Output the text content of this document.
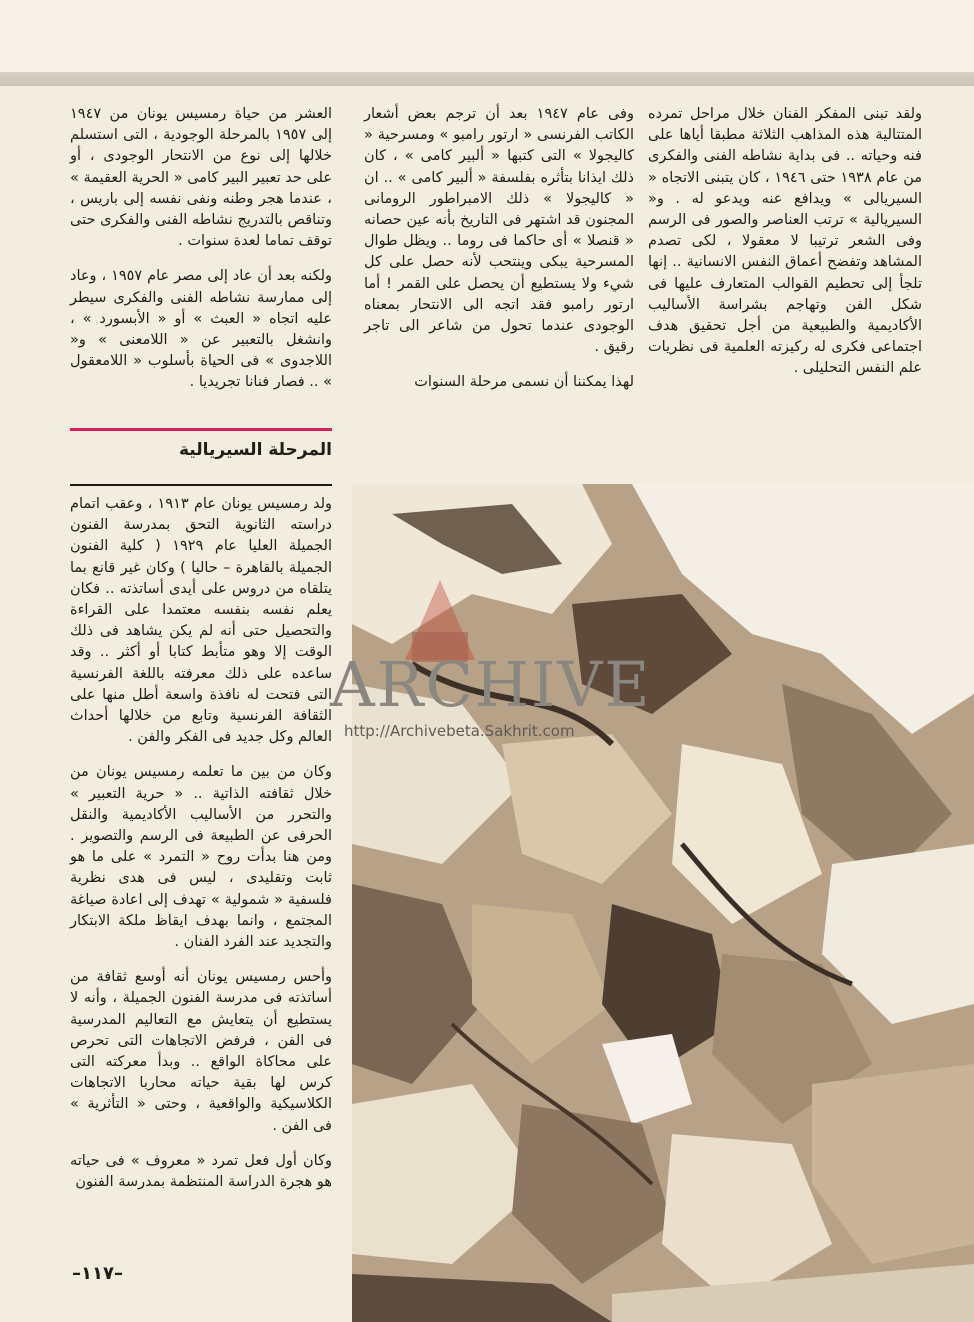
ولقد تبنى المفكر الفنان خلال مراحل تمرده المتتالية هذه المذاهب الثلاثة مطبقا أياها على فنه وحياته .. فى بداية نشاطه الفنى والفكرى من عام ١٩٣٨ حتى ١٩٤٦ ، كان يتبنى الاتجاه « السيريالى » ويدافع عنه ويدعو له . و« السيريالية » ترتب العناصر والصور فى الرسم وفى الشعر ترتيبا لا معقولا ، لكى تصدم المشاهد وتفضح أعماق النفس الانسانية .. إنها تلجأ إلى تحطيم القوالب المتعارف عليها فى شكل الفن وتهاجم بشراسة الأساليب الأكاديمية والطبيعية من أجل تحقيق هدف اجتماعى فكرى له ركيزته العلمية فى نظريات علم النفس التحليلى .

وفى عام ١٩٤٧ بعد أن ترجم بعض أشعار الكاتب الفرنسى « ارتور رامبو » ومسرحية « كاليجولا » التى كتبها « ألبير كامى » ، كان ذلك ايذانا بتأثره بفلسفة « ألبير كامى » .. ان « كاليجولا » ذلك الامبراطور الرومانى المجنون قد اشتهر فى التاريخ بأنه عين حصانه « قنصلا » أى حاكما فى روما .. ويظل طوال المسرحية يبكى وينتحب لأنه حصل على كل شيء ولا يستطيع أن يحصل على القمر ! أما ارتور رامبو فقد اتجه الى الانتحار بمعناه الوجودى عندما تحول من شاعر الى تاجر رقيق .

لهذا يمكننا أن نسمى مرحلة السنوات

العشر من حياة رمسيس يونان من ١٩٤٧ إلى ١٩٥٧ بالمرحلة الوجودية ، التى استسلم خلالها إلى نوع من الانتحار الوجودى ، أو على حد تعبير البير كامى « الحرية العقيمة » ، عندما هجر وطنه ونفى نفسه إلى باريس ، وتناقص بالتدريج نشاطه الفنى والفكرى حتى توقف تماما لعدة سنوات .

ولكنه بعد أن عاد إلى مصر عام ١٩٥٧ ، وعاد إلى ممارسة نشاطه الفنى والفكرى سيطر عليه اتجاه « العبث » أو « الأبسورد » ، وانشغل بالتعبير عن « اللامعنى » و« اللاجدوى » فى الحياة بأسلوب « اللامعقول » .. فصار فنانا تجريديا .

المرحلة السيريالية

ولد رمسيس يونان عام ١٩١٣ ، وعقب اتمام دراسته الثانوية التحق بمدرسة الفنون الجميلة العليا عام ١٩٢٩ ( كلية الفنون الجميلة بالقاهرة – حاليا ) وكان غير قانع بما يتلقاه من دروس على أيدى أساتذته .. فكان يعلم نفسه بنفسه معتمدا على القراءة والتحصيل حتى أنه لم يكن يشاهد فى ذلك الوقت إلا وهو متأبط كتابا أو أكثر .. وقد ساعده على ذلك معرفته باللغة الفرنسية التى فتحت له نافذة واسعة أطل منها على الثقافة الفرنسية وتابع من خلالها أحداث العالم وكل جديد فى الفكر والفن .

وكان من بين ما تعلمه رمسيس يونان من خلال ثقافته الذاتية .. « حرية التعبير » والتحرر من الأساليب الأكاديمية والنقل الحرفى عن الطبيعة فى الرسم والتصوير . ومن هنا بدأت روح « التمرد » على ما هو ثابت وتقليدى ، ليس فى هدى نظرية فلسفية « شمولية » تهدف إلى اعادة صياغة المجتمع ، وانما بهدف ايقاظ ملكة الابتكار والتجديد عند الفرد الفنان .

وأحس رمسيس يونان أنه أوسع ثقافة من أساتذته فى مدرسة الفنون الجميلة ، وأنه لا يستطيع أن يتعايش مع التعاليم المدرسية فى الفن ، فرفض الاتجاهات التى تحرص على محاكاة الواقع .. وبدأ معركته التى كرس لها بقية حياته محاربا الاتجاهات الكلاسيكية والواقعية ، وحتى « التأثرية » فى الفن .

وكان أول فعل تمرد « معروف » فى حياته هو هجرة الدراسة المنتظمة بمدرسة الفنون

ARCHIVE
http://Archivebeta.Sakhrit.com
–١١٧–
